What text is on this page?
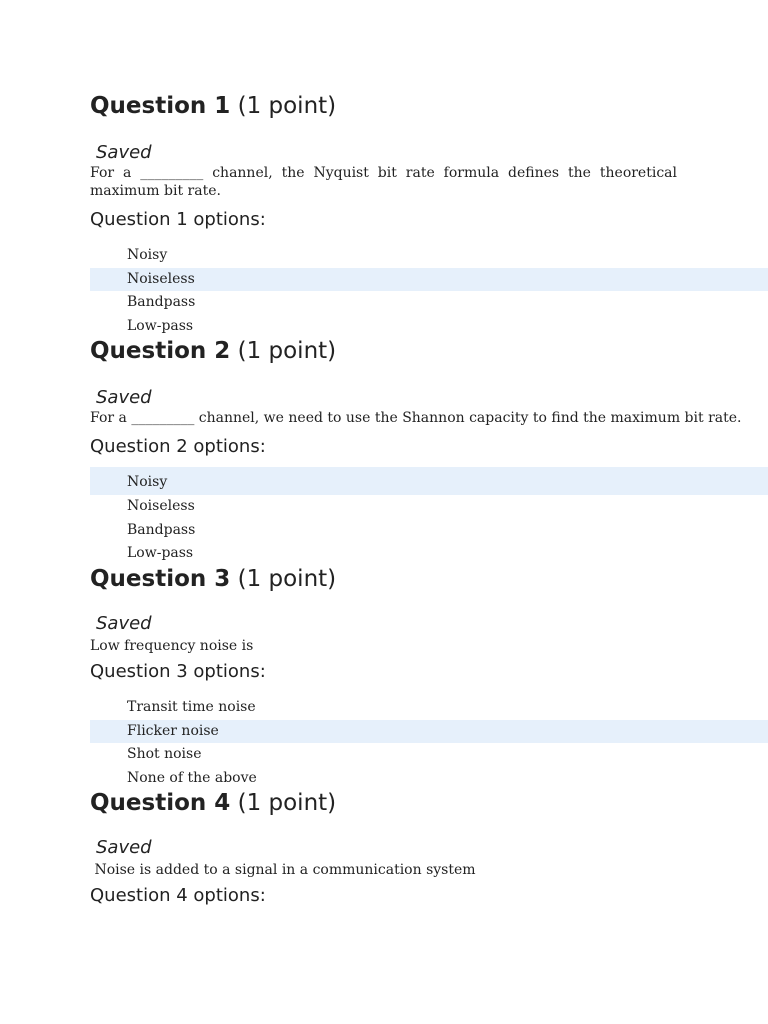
Question 1 (1 point)
Saved
For a _________ channel, the Nyquist bit rate formula defines the theoretical maximum bit rate.
Question 1 options:
Noisy
Noiseless
Bandpass
Low-pass
Question 2 (1 point)
Saved
For a _________ channel, we need to use the Shannon capacity to find the maximum bit rate.
Question 2 options:
Noisy
Noiseless
Bandpass
Low-pass
Question 3 (1 point)
Saved
Low frequency noise is
Question 3 options:
Transit time noise
Flicker noise
Shot noise
None of the above
Question 4 (1 point)
Saved
Noise is added to a signal in a communication system
Question 4 options:
